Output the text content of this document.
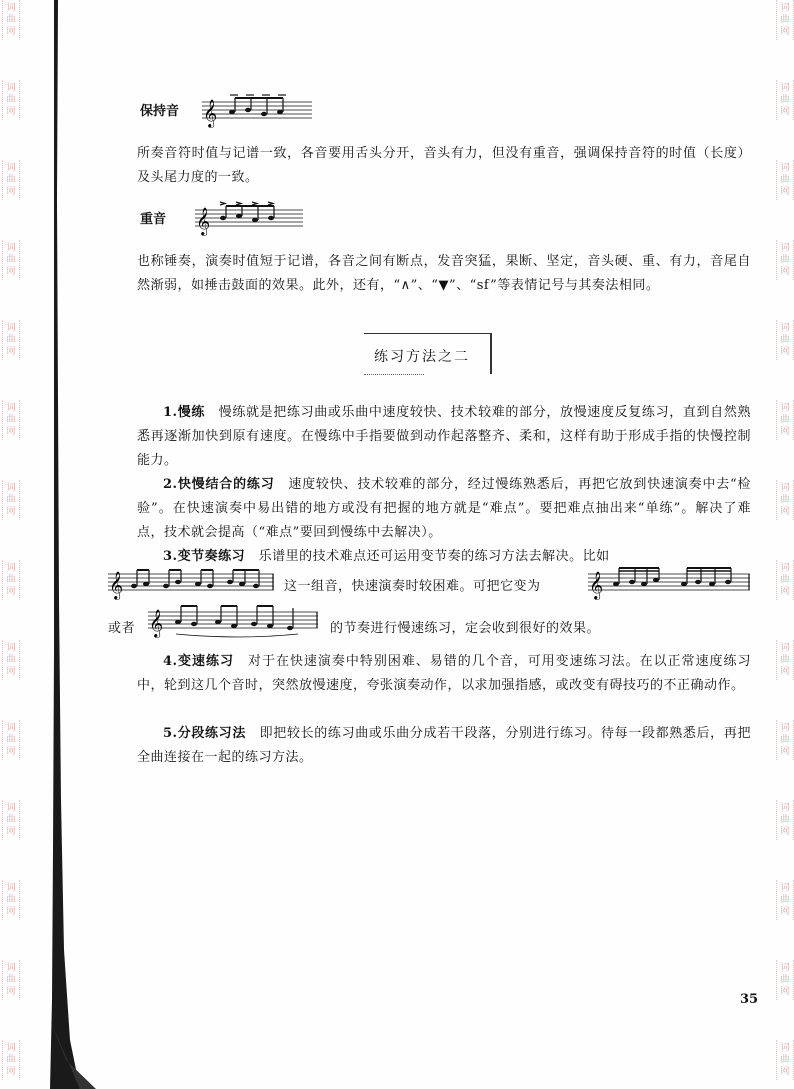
词
曲
网
词
曲
网
词
曲
网
词
曲
网
词
曲
网
词
曲
网
词
曲
网
词
曲
网
词
曲
网
词
曲
网
词
曲
网
词
曲
网
词
曲
网
词
曲
网
词
曲
网
词
曲
网
词
曲
网
词
曲
网
词
曲
网
词
曲
网
词
曲
网
词
曲
网
词
曲
网
词
曲
网
词
曲
网
词
曲
网
词
曲
网
词
曲
网
保持音 𝄞
所奏音符时值与记谱一致，各音要用舌头分开，音头有力，但没有重音，强调保持音符的时值（长度）及头尾力度的一致。
重音 𝄞
也称锤奏，演奏时值短于记谱，各音之间有断点，发音突猛，果断、坚定，音头硬、重、有力，音尾自然渐弱，如捶击鼓面的效果。此外，还有，“∧”、“▼”、“sf”等表情记号与其奏法相同。
练习方法之二
1.慢练　慢练就是把练习曲或乐曲中速度较快、技术较难的部分，放慢速度反复练习，直到自然熟悉再逐渐加快到原有速度。在慢练中手指要做到动作起落整齐、柔和，这样有助于形成手指的快慢控制能力。
2.快慢结合的练习　速度较快、技术较难的部分，经过慢练熟悉后，再把它放到快速演奏中去“检验”。在快速演奏中易出错的地方或没有把握的地方就是“难点”。要把难点抽出来“单练”。解决了难点，技术就会提高（“难点”要回到慢练中去解决）。
3.变节奏练习　乐谱里的技术难点还可运用变节奏的练习方法去解决。比如
𝄞	这一组音，快速演奏时较困难。可把它变为 𝄞
或者 𝄞	的节奏进行慢速练习，定会收到很好的效果。
4.变速练习　对于在快速演奏中特别困难、易错的几个音，可用变速练习法。在以正常速度练习中，轮到这几个音时，突然放慢速度，夸张演奏动作，以求加强指感，或改变有碍技巧的不正确动作。
5.分段练习法　即把较长的练习曲或乐曲分成若干段落，分别进行练习。待每一段都熟悉后，再把全曲连接在一起的练习方法。
35
